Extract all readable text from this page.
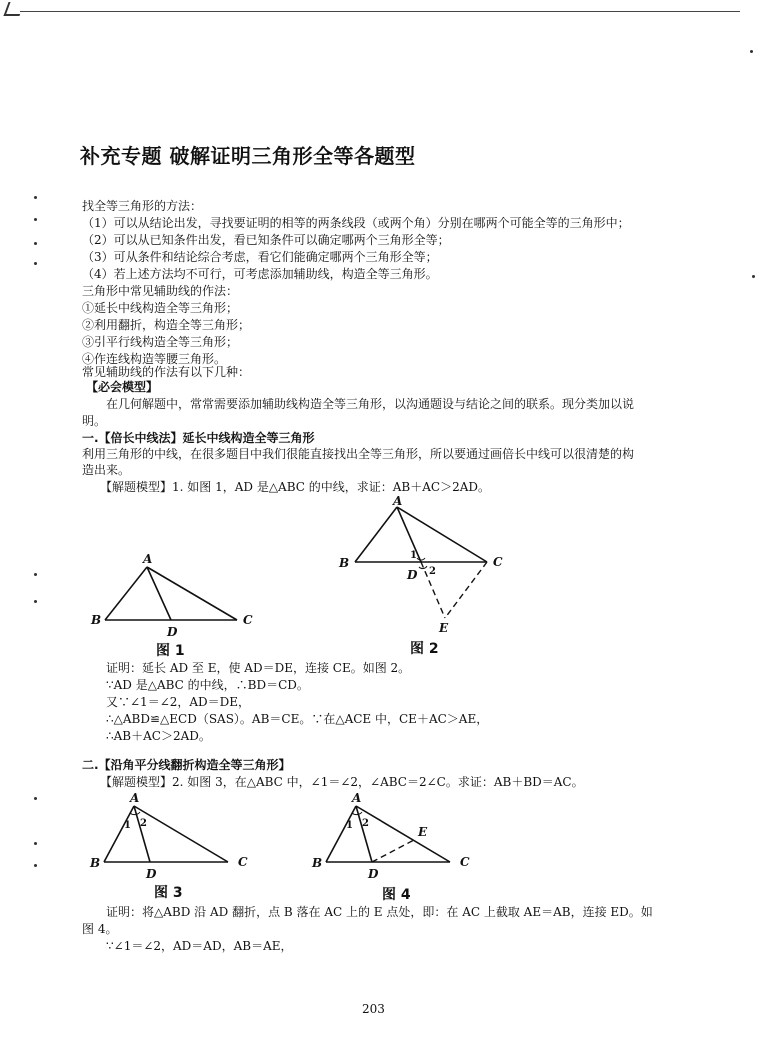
补充专题 破解证明三角形全等各题型
找全等三角形的方法：
（1）可以从结论出发，寻找要证明的相等的两条线段（或两个角）分别在哪两个可能全等的三角形中；
（2）可以从已知条件出发，看已知条件可以确定哪两个三角形全等；
（3）可从条件和结论综合考虑，看它们能确定哪两个三角形全等；
（4）若上述方法均不可行，可考虑添加辅助线，构造全等三角形。
三角形中常见辅助线的作法：
①延长中线构造全等三角形；
②利用翻折，构造全等三角形；
③引平行线构造全等三角形；
④作连线构造等腰三角形。
常见辅助线的作法有以下几种：
【必会模型】
在几何解题中，常常需要添加辅助线构造全等三角形，以沟通题设与结论之间的联系。现分类加以说
明。
一.【倍长中线法】延长中线构造全等三角形
利用三角形的中线，在很多题目中我们很能直接找出全等三角形，所以要通过画倍长中线可以很清楚的构
造出来。
【解题模型】1. 如图 1，AD 是△ABC 的中线，求证：AB＋AC＞2AD。
A
B	C
D
图 1
A
B	C
D
E
1
2
图 2
证明：延长 AD 至 E，使 AD＝DE，连接 CE。如图 2。
∵AD 是△ABC 的中线，∴BD＝CD。
又∵∠1＝∠2，AD＝DE，
∴△ABD≌△ECD（SAS）。AB＝CE。∵在△ACE 中，CE＋AC＞AE，
∴AB＋AC＞2AD。
二.【沿角平分线翻折构造全等三角形】
【解题模型】2. 如图 3，在△ABC 中，∠1＝∠2，∠ABC＝2∠C。求证：AB＋BD＝AC。
A
B	C
D
1 2
图 3
A
B	C
D
E
1 2
图 4
证明：将△ABD 沿 AD 翻折，点 B 落在 AC 上的 E 点处，即：在 AC 上截取 AE＝AB，连接 ED。如
图 4。
∵∠1＝∠2，AD＝AD，AB＝AE，
203
